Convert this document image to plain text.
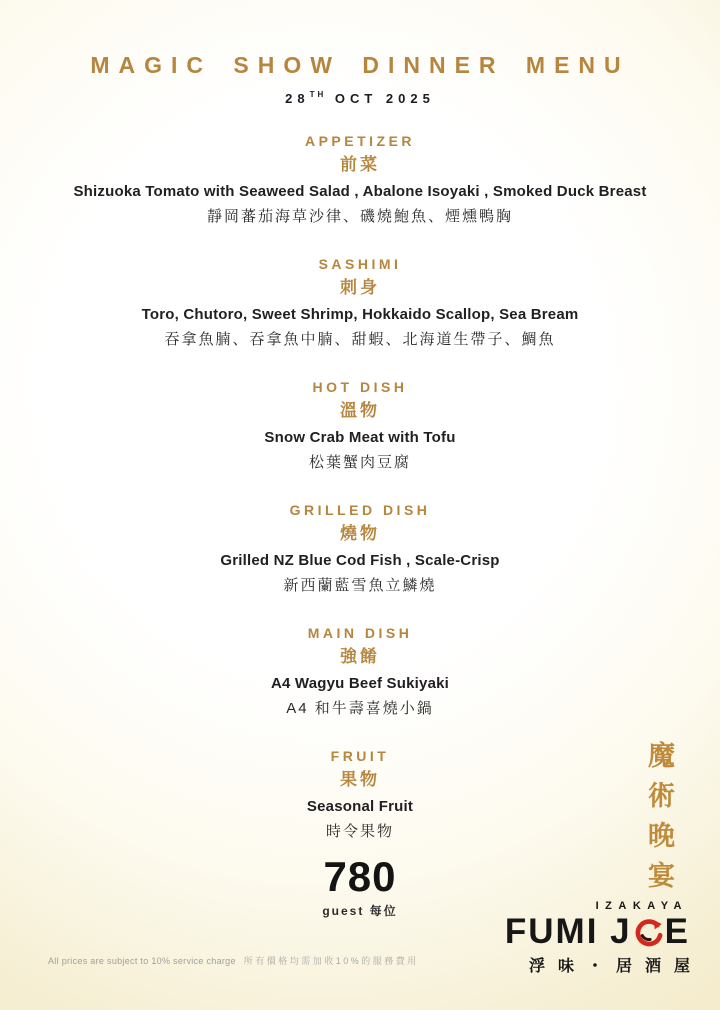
MAGIC SHOW DINNER MENU
28TH OCT 2025
APPETIZER
前菜
Shizuoka Tomato with Seaweed Salad , Abalone Isoyaki , Smoked Duck Breast
靜岡蕃茄海草沙律、磯燒鮑魚、煙燻鴨胸
SASHIMI
刺身
Toro, Chutoro, Sweet Shrimp, Hokkaido Scallop, Sea Bream
吞拿魚腩、吞拿魚中腩、甜蝦、北海道生帶子、鯛魚
HOT DISH
溫物
Snow Crab Meat with Tofu
松葉蟹肉豆腐
GRILLED DISH
燒物
Grilled NZ Blue Cod Fish , Scale-Crisp
新西蘭藍雪魚立鱗燒
MAIN DISH
強餚
A4 Wagyu Beef Sukiyaki
A4 和牛壽喜燒小鍋
FRUIT
果物
Seasonal Fruit
時令果物
780
guest 每位
魔術晚宴
IZAKAYA
FUMI J E
浮味・居酒屋
All prices are subject to 10% service charge 所有價格均需加收10%的服務費用
